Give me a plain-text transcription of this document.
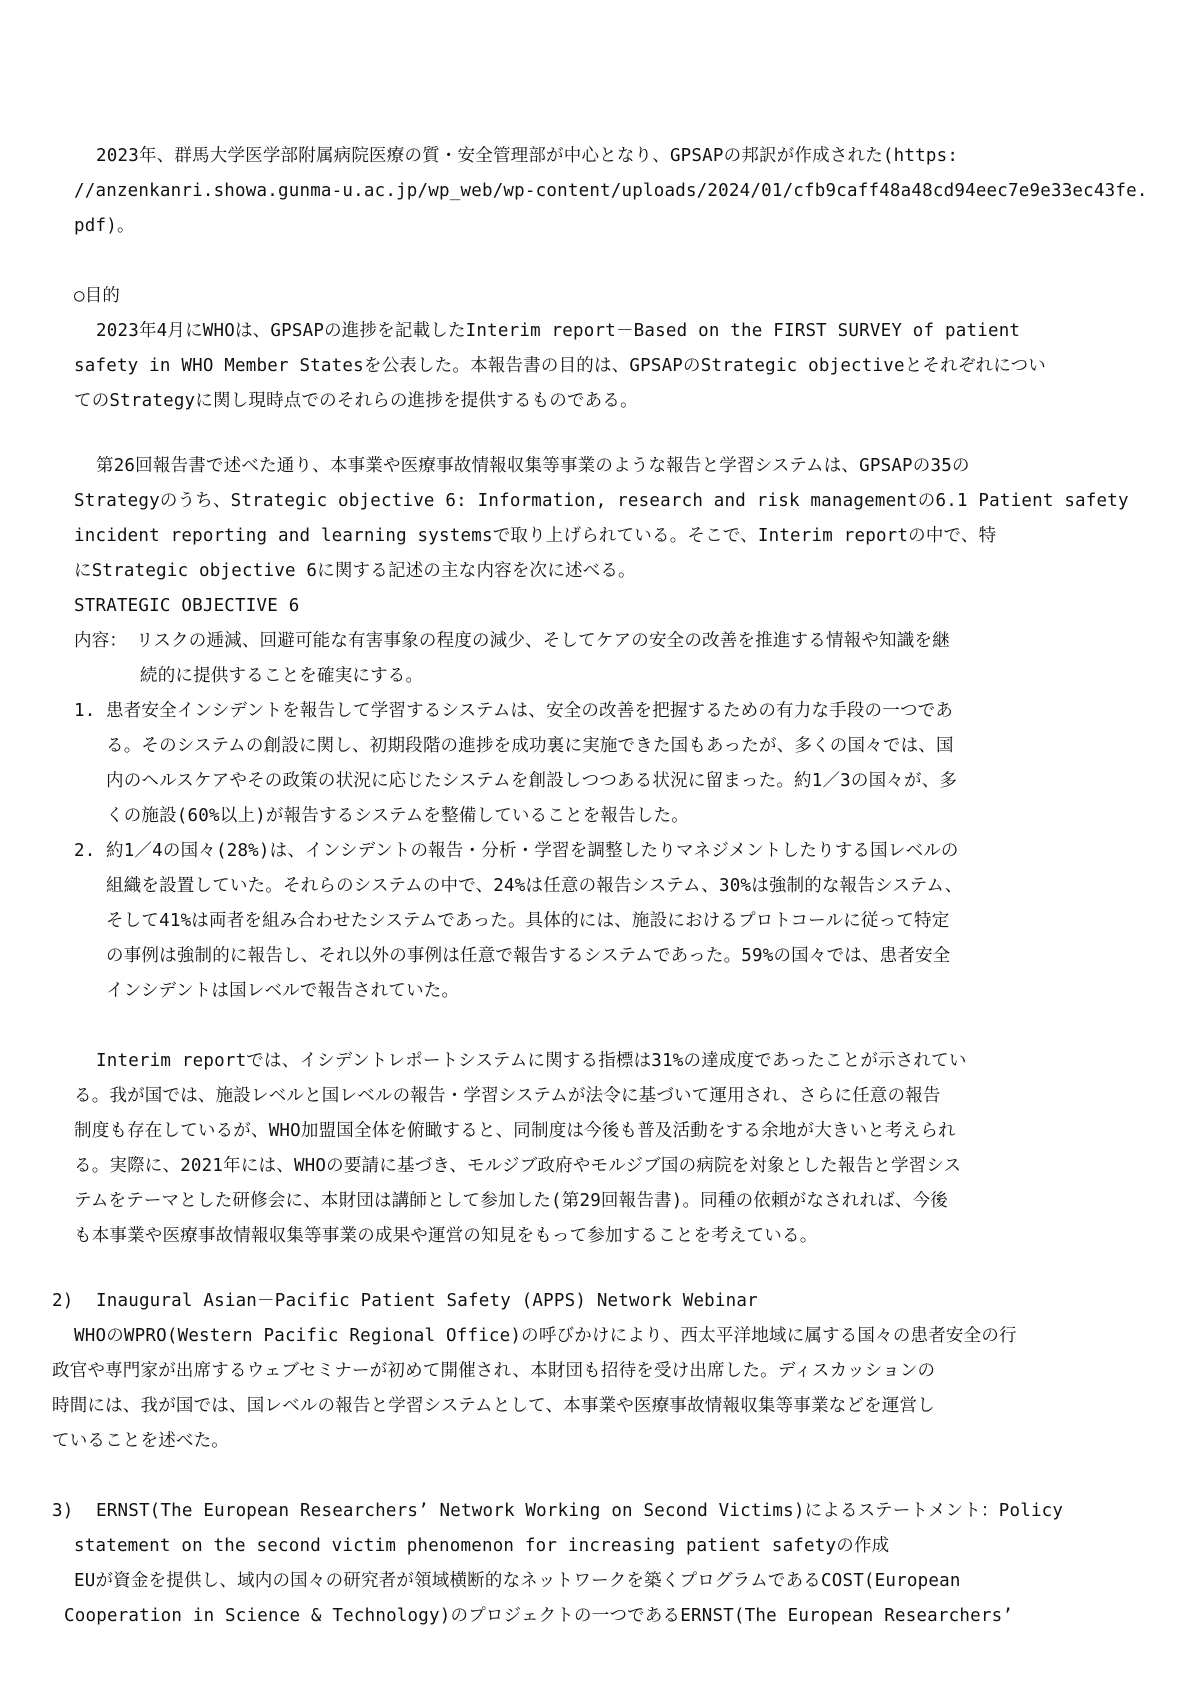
2023年、群馬大学医学部附属病院医療の質・安全管理部が中心となり、GPSAPの邦訳が作成された(https:
//anzenkanri.showa.gunma-u.ac.jp/wp_web/wp-content/uploads/2024/01/cfb9caff48a48cd94eec7e9e33ec43fe.
pdf)。
○目的
2023年4月にWHOは、GPSAPの進捗を記載したInterim report－Based on the FIRST SURVEY of patient
safety in WHO Member Statesを公表した。本報告書の目的は、GPSAPのStrategic objectiveとそれぞれについ
てのStrategyに関し現時点でのそれらの進捗を提供するものである。
第26回報告書で述べた通り、本事業や医療事故情報収集等事業のような報告と学習システムは、GPSAPの35の
Strategyのうち、Strategic objective 6: Information, research and risk managementの6.1 Patient safety
incident reporting and learning systemsで取り上げられている。そこで、Interim reportの中で、特
にStrategic objective 6に関する記述の主な内容を次に述べる。
STRATEGIC OBJECTIVE 6
内容： リスクの逓減、回避可能な有害事象の程度の減少、そしてケアの安全の改善を推進する情報や知識を継
続的に提供することを確実にする。
1. 患者安全インシデントを報告して学習するシステムは、安全の改善を把握するための有力な手段の一つであ
る。そのシステムの創設に関し、初期段階の進捗を成功裏に実施できた国もあったが、多くの国々では、国
内のヘルスケアやその政策の状況に応じたシステムを創設しつつある状況に留まった。約1／3の国々が、多
くの施設(60%以上)が報告するシステムを整備していることを報告した。
2. 約1／4の国々(28%)は、インシデントの報告・分析・学習を調整したりマネジメントしたりする国レベルの
組織を設置していた。それらのシステムの中で、24%は任意の報告システム、30%は強制的な報告システム、
そして41%は両者を組み合わせたシステムであった。具体的には、施設におけるプロトコールに従って特定
の事例は強制的に報告し、それ以外の事例は任意で報告するシステムであった。59%の国々では、患者安全
インシデントは国レベルで報告されていた。
Interim reportでは、イシデントレポートシステムに関する指標は31%の達成度であったことが示されてい
る。我が国では、施設レベルと国レベルの報告・学習システムが法令に基づいて運用され、さらに任意の報告
制度も存在しているが、WHO加盟国全体を俯瞰すると、同制度は今後も普及活動をする余地が大きいと考えられ
る。実際に、2021年には、WHOの要請に基づき、モルジブ政府やモルジブ国の病院を対象とした報告と学習シス
テムをテーマとした研修会に、本財団は講師として参加した(第29回報告書)。同種の依頼がなされれば、今後
も本事業や医療事故情報収集等事業の成果や運営の知見をもって参加することを考えている。
2) Inaugural Asian－Pacific Patient Safety (APPS) Network Webinar
WHOのWPRO(Western Pacific Regional Office)の呼びかけにより、西太平洋地域に属する国々の患者安全の行
政官や専門家が出席するウェブセミナーが初めて開催され、本財団も招待を受け出席した。ディスカッションの
時間には、我が国では、国レベルの報告と学習システムとして、本事業や医療事故情報収集等事業などを運営し
ていることを述べた。
3) ERNST(The European Researchers’ Network Working on Second Victims)によるステートメント：Policy
statement on the second victim phenomenon for increasing patient safetyの作成
EUが資金を提供し、域内の国々の研究者が領域横断的なネットワークを築くプログラムであるCOST(European
Cooperation in Science & Technology)のプロジェクトの一つであるERNST(The European Researchers’
